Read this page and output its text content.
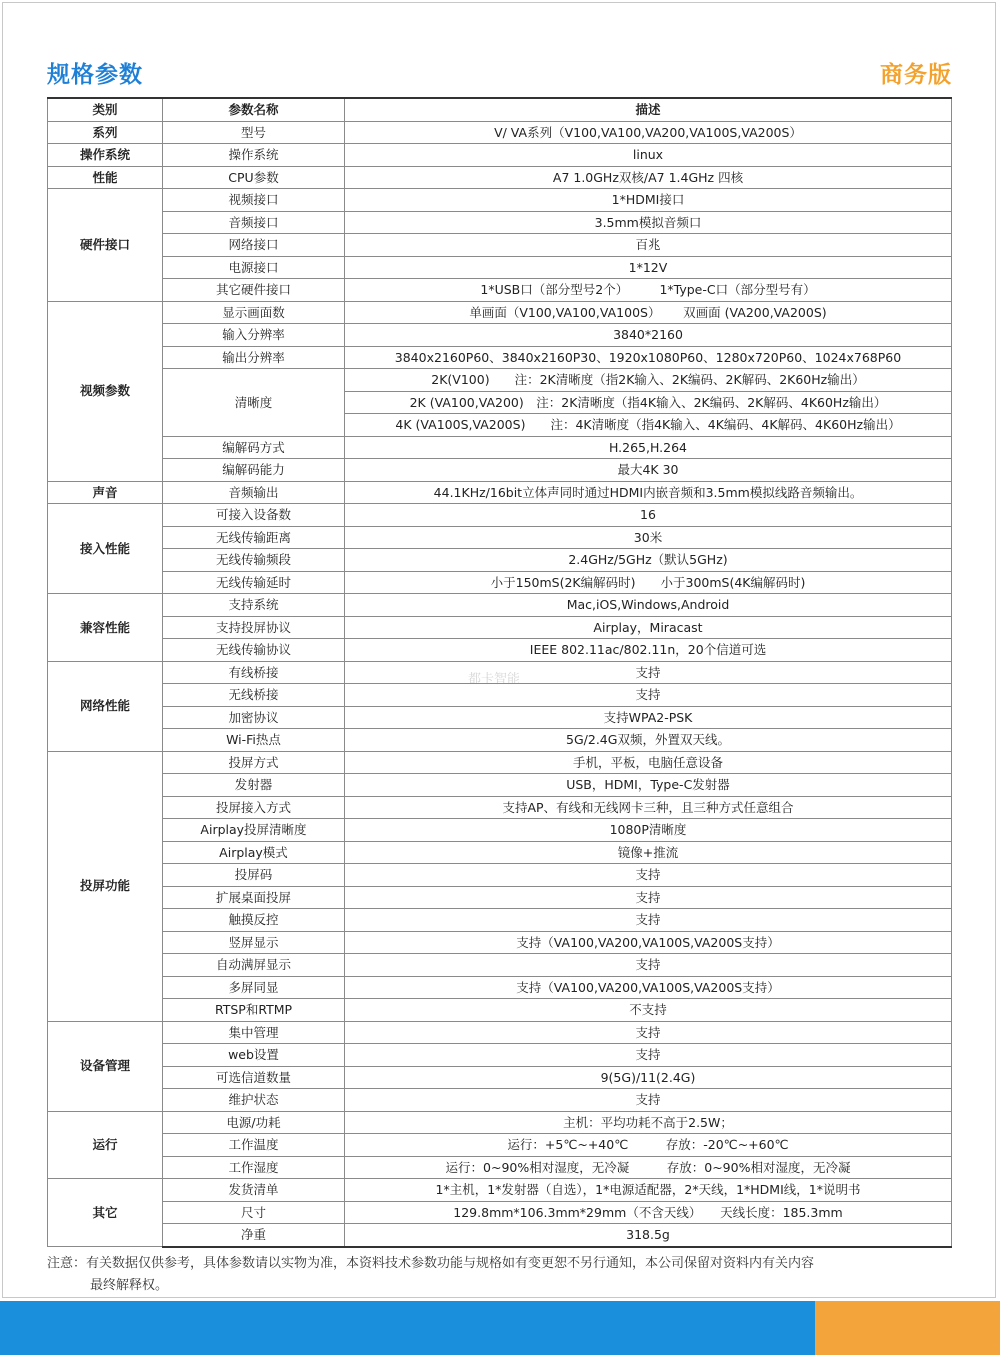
规格参数	商务版
类别	参数名称	描述
系列	型号	V/ VA系列（V100,VA100,VA200,VA100S,VA200S）
操作系统	操作系统	linux
性能	CPU参数	A7 1.0GHz双核/A7 1.4GHz 四核
硬件接口	视频接口	1*HDMI接口
	音频接口	3.5mm模拟音频口
	网络接口	百兆
	电源接口	1*12V
	其它硬件接口	1*USB口（部分型号2个）　　　1*Type-C口（部分型号有）
视频参数	显示画面数	单画面（V100,VA100,VA100S）　　 双画面 (VA200,VA200S)
	输入分辨率	3840*2160
	输出分辨率	3840x2160P60、3840x2160P30、1920x1080P60、1280x720P60、1024x768P60
	清晰度	2K(V100)　　注：2K清晰度（指2K输入、2K编码、2K解码、2K60Hz输出）
		2K (VA100,VA200)　注：2K清晰度（指4K输入、2K编码、2K解码、4K60Hz输出）
		4K (VA100S,VA200S)　　注：4K清晰度（指4K输入、4K编码、4K解码、4K60Hz输出）
	编解码方式	H.265,H.264
	编解码能力	最大4K 30
声音	音频输出	44.1KHz/16bit立体声同时通过HDMI内嵌音频和3.5mm模拟线路音频输出。
接入性能	可接入设备数	16
	无线传输距离	30米
	无线传输频段	2.4GHz/5GHz（默认5GHz)
	无线传输延时	小于150mS(2K编解码时)　　小于300mS(4K编解码时)
兼容性能	支持系统	Mac,iOS,Windows,Android
	支持投屏协议	Airplay，Miracast
	无线传输协议	IEEE 802.11ac/802.11n，20个信道可选
网络性能	有线桥接	支持
	无线桥接	支持
	加密协议	支持WPA2-PSK
	Wi-Fi热点	5G/2.4G双频，外置双天线。
投屏功能	投屏方式	手机，平板，电脑任意设备
	发射器	USB，HDMI，Type-C发射器
	投屏接入方式	支持AP、有线和无线网卡三种，且三种方式任意组合
	Airplay投屏清晰度	1080P清晰度
	Airplay模式	镜像+推流
	投屏码	支持
	扩展桌面投屏	支持
	触摸反控	支持
	竖屏显示	支持（VA100,VA200,VA100S,VA200S支持）
	自动满屏显示	支持
	多屏同显	支持（VA100,VA200,VA100S,VA200S支持）
	RTSP和RTMP	不支持
设备管理	集中管理	支持
	web设置	支持
	可选信道数量	9(5G)/11(2.4G)
	维护状态	支持
运行	电源/功耗	主机：平均功耗不高于2.5W；
	工作温度	运行：+5℃~+40℃　　　存放：-20℃~+60℃
	工作湿度	运行：0~90%相对湿度，无冷凝　　　存放：0~90%相对湿度，无冷凝
其它	发货清单	1*主机，1*发射器（自选），1*电源适配器，2*天线，1*HDMI线，1*说明书
	尺寸	129.8mm*106.3mm*29mm（不含天线）　　天线长度：185.3mm
	净重	318.5g
都卡智能
注意：有关数据仅供参考，具体参数请以实物为准，本资料技术参数功能与规格如有变更恕不另行通知，本公司保留对资料内有关内容
最终解释权。
